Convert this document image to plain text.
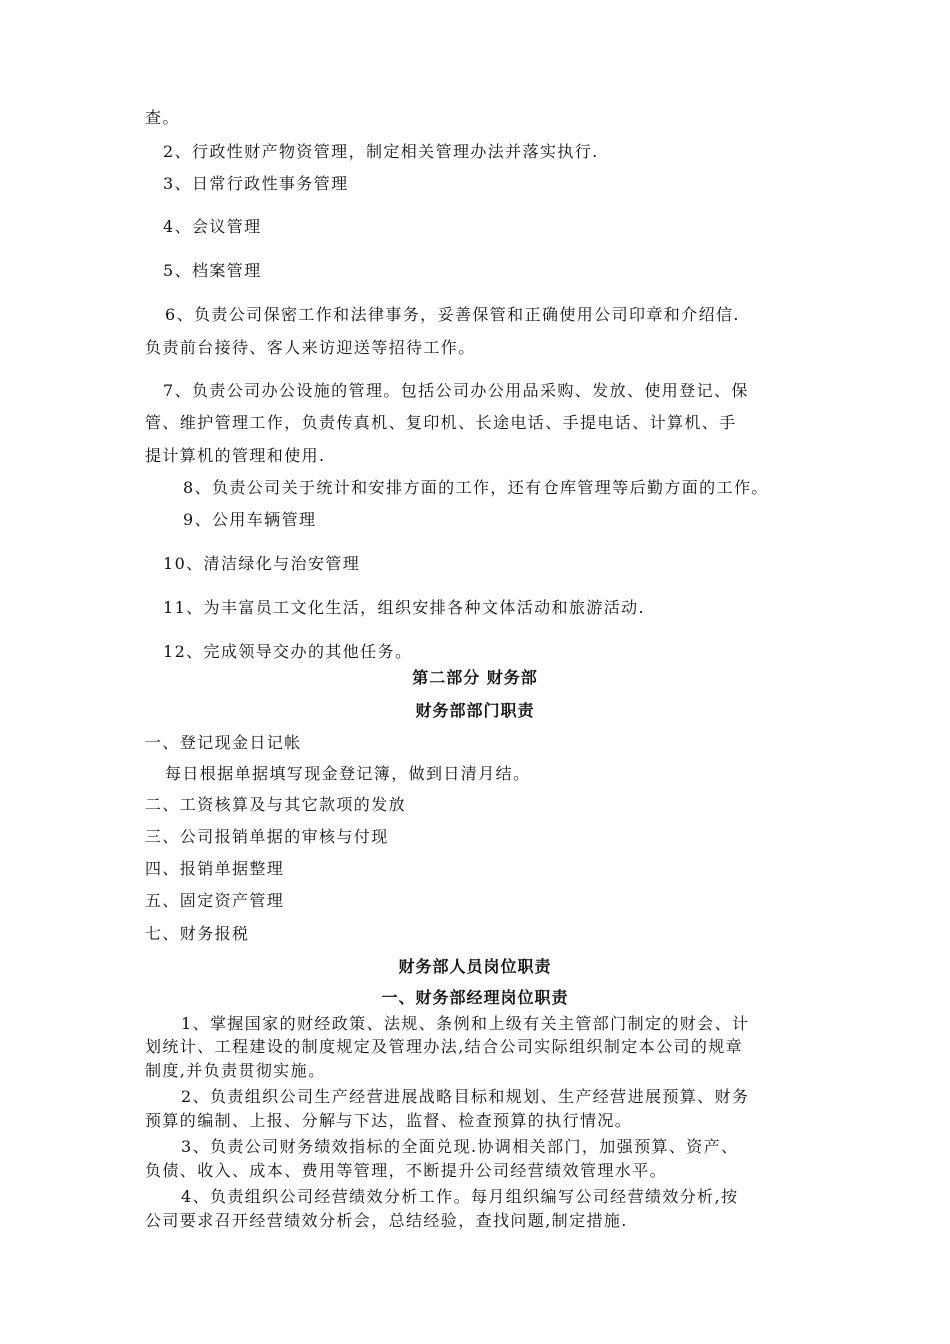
查。
2、行政性财产物资管理，制定相关管理办法并落实执行.
3、日常行政性事务管理
4、会议管理
5、档案管理
6、负责公司保密工作和法律事务，妥善保管和正确使用公司印章和介绍信.
负责前台接待、客人来访迎送等招待工作。
7、负责公司办公设施的管理。包括公司办公用品采购、发放、使用登记、保
管、维护管理工作，负责传真机、复印机、长途电话、手提电话、计算机、手
提计算机的管理和使用.
8、负责公司关于统计和安排方面的工作，还有仓库管理等后勤方面的工作。
9、公用车辆管理
10、清洁绿化与治安管理
11、为丰富员工文化生活，组织安排各种文体活动和旅游活动.
12、完成领导交办的其他任务。
第二部分 财务部
财务部部门职责
一、登记现金日记帐
每日根据单据填写现金登记簿，做到日清月结。
二、工资核算及与其它款项的发放
三、公司报销单据的审核与付现
四、报销单据整理
五、固定资产管理
七、财务报税
财务部人员岗位职责
一、财务部经理岗位职责
1、掌握国家的财经政策、法规、条例和上级有关主管部门制定的财会、计
划统计、工程建设的制度规定及管理办法,结合公司实际组织制定本公司的规章
制度,并负责贯彻实施。
2、负责组织公司生产经营进展战略目标和规划、生产经营进展预算、财务
预算的编制、上报、分解与下达，监督、检查预算的执行情况。
3、负责公司财务绩效指标的全面兑现.协调相关部门，加强预算、资产、
负债、收入、成本、费用等管理，不断提升公司经营绩效管理水平。
4、负责组织公司经营绩效分析工作。每月组织编写公司经营绩效分析,按
公司要求召开经营绩效分析会，总结经验，查找问题,制定措施.
